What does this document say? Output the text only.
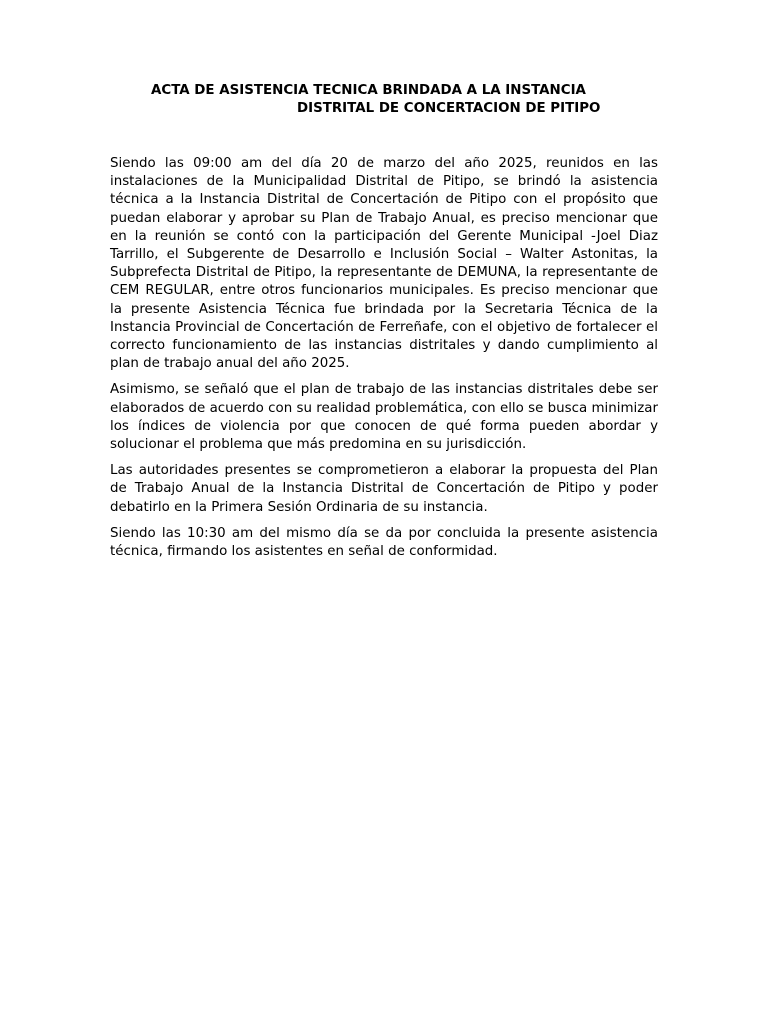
ACTA DE ASISTENCIA TECNICA BRINDADA A LA INSTANCIA
DISTRITAL DE CONCERTACION DE PITIPO

Siendo las 09:00 am del día 20 de marzo del año 2025, reunidos en las instalaciones de la Municipalidad Distrital de Pitipo, se brindó la asistencia técnica a la Instancia Distrital de Concertación de Pitipo con el propósito que puedan elaborar y aprobar su Plan de Trabajo Anual, es preciso mencionar que en la reunión se contó con la participación del Gerente Municipal -Joel Diaz Tarrillo, el Subgerente de Desarrollo e Inclusión Social – Walter Astonitas, la Subprefecta Distrital de Pitipo, la representante de DEMUNA, la representante de CEM REGULAR, entre otros funcionarios municipales. Es preciso mencionar que la presente Asistencia Técnica fue brindada por la Secretaria Técnica de la Instancia Provincial de Concertación de Ferreñafe, con el objetivo de fortalecer el correcto funcionamiento de las instancias distritales y dando cumplimiento al plan de trabajo anual del año 2025.

Asimismo, se señaló que el plan de trabajo de las instancias distritales debe ser elaborados de acuerdo con su realidad problemática, con ello se busca minimizar los índices de violencia por que conocen de qué forma pueden abordar y solucionar el problema que más predomina en su jurisdicción.

Las autoridades presentes se comprometieron a elaborar la propuesta del Plan de Trabajo Anual de la Instancia Distrital de Concertación de Pitipo y poder debatirlo en la Primera Sesión Ordinaria de su instancia.

Siendo las 10:30 am del mismo día se da por concluida la presente asistencia técnica, firmando los asistentes en señal de conformidad.
